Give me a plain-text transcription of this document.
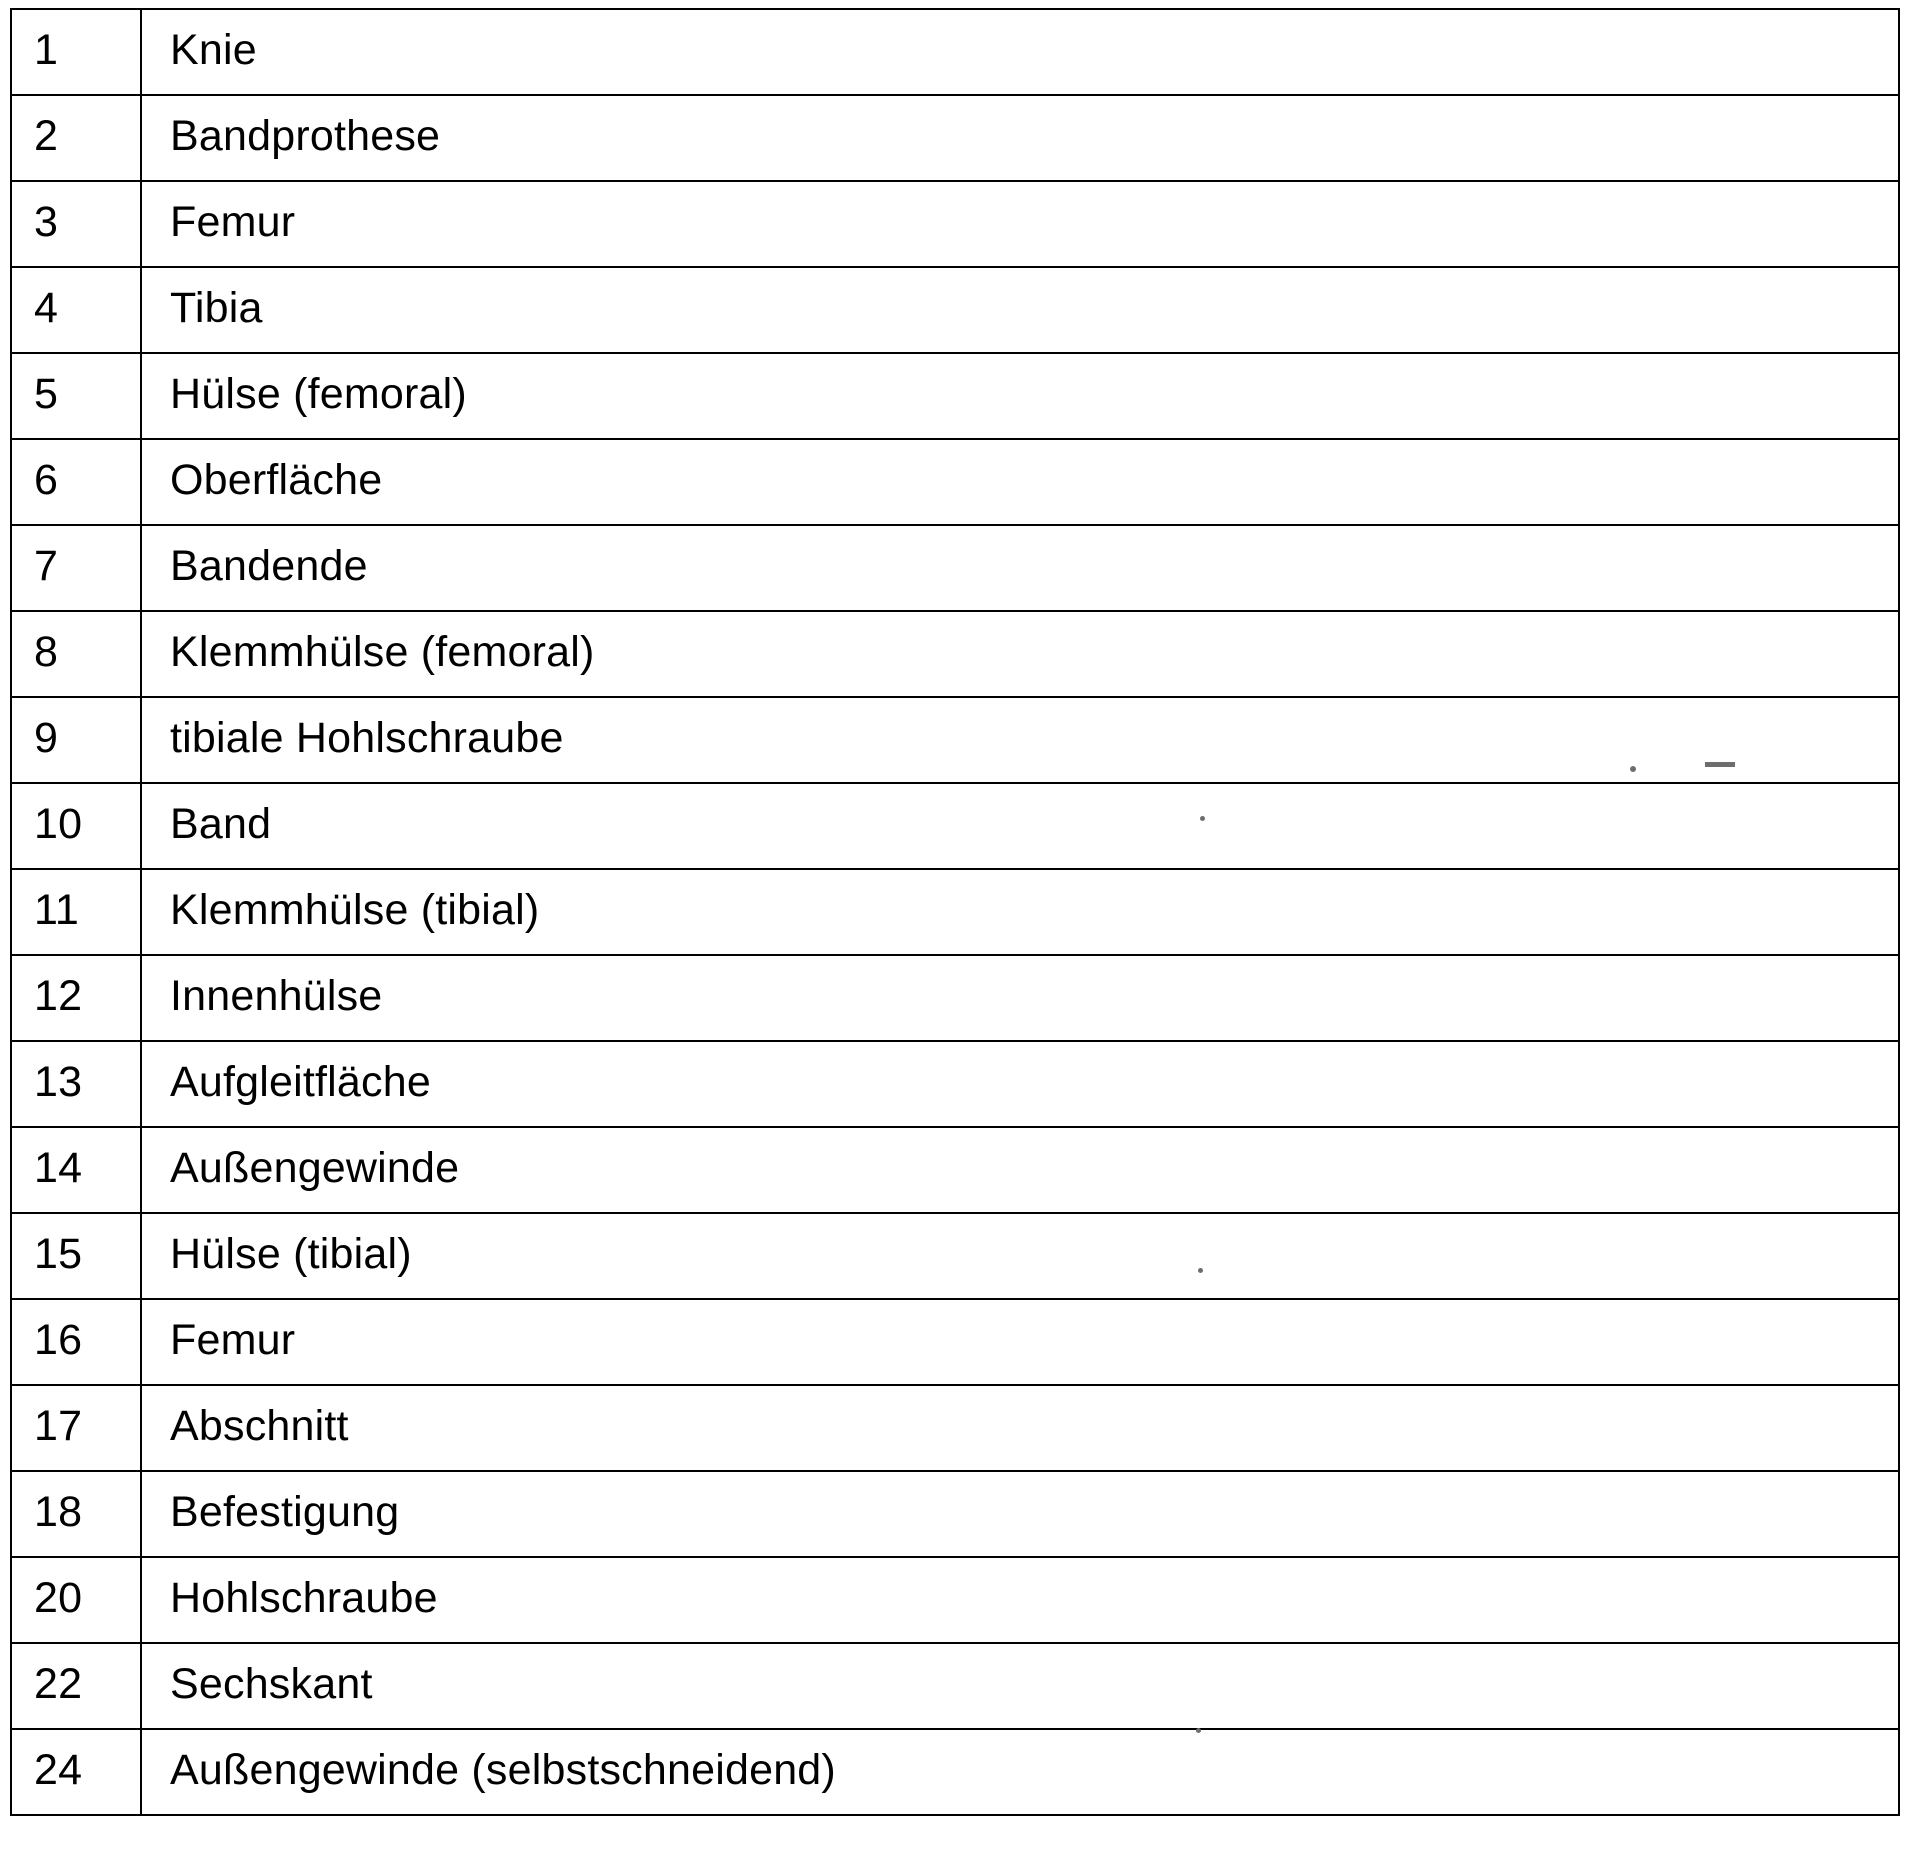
1	Knie

2	Bandprothese

3	Femur

4	Tibia

5	Hülse (femoral)

6	Oberfläche

7	Bandende

8	Klemmhülse (femoral)

9	tibiale Hohlschraube

10	Band

11	Klemmhülse (tibial)

12	Innenhülse

13	Aufgleitfläche

14	Außengewinde

15	Hülse (tibial)

16	Femur

17	Abschnitt

18	Befestigung

20	Hohlschraube

22	Sechskant

24	Außengewinde (selbstschneidend)
